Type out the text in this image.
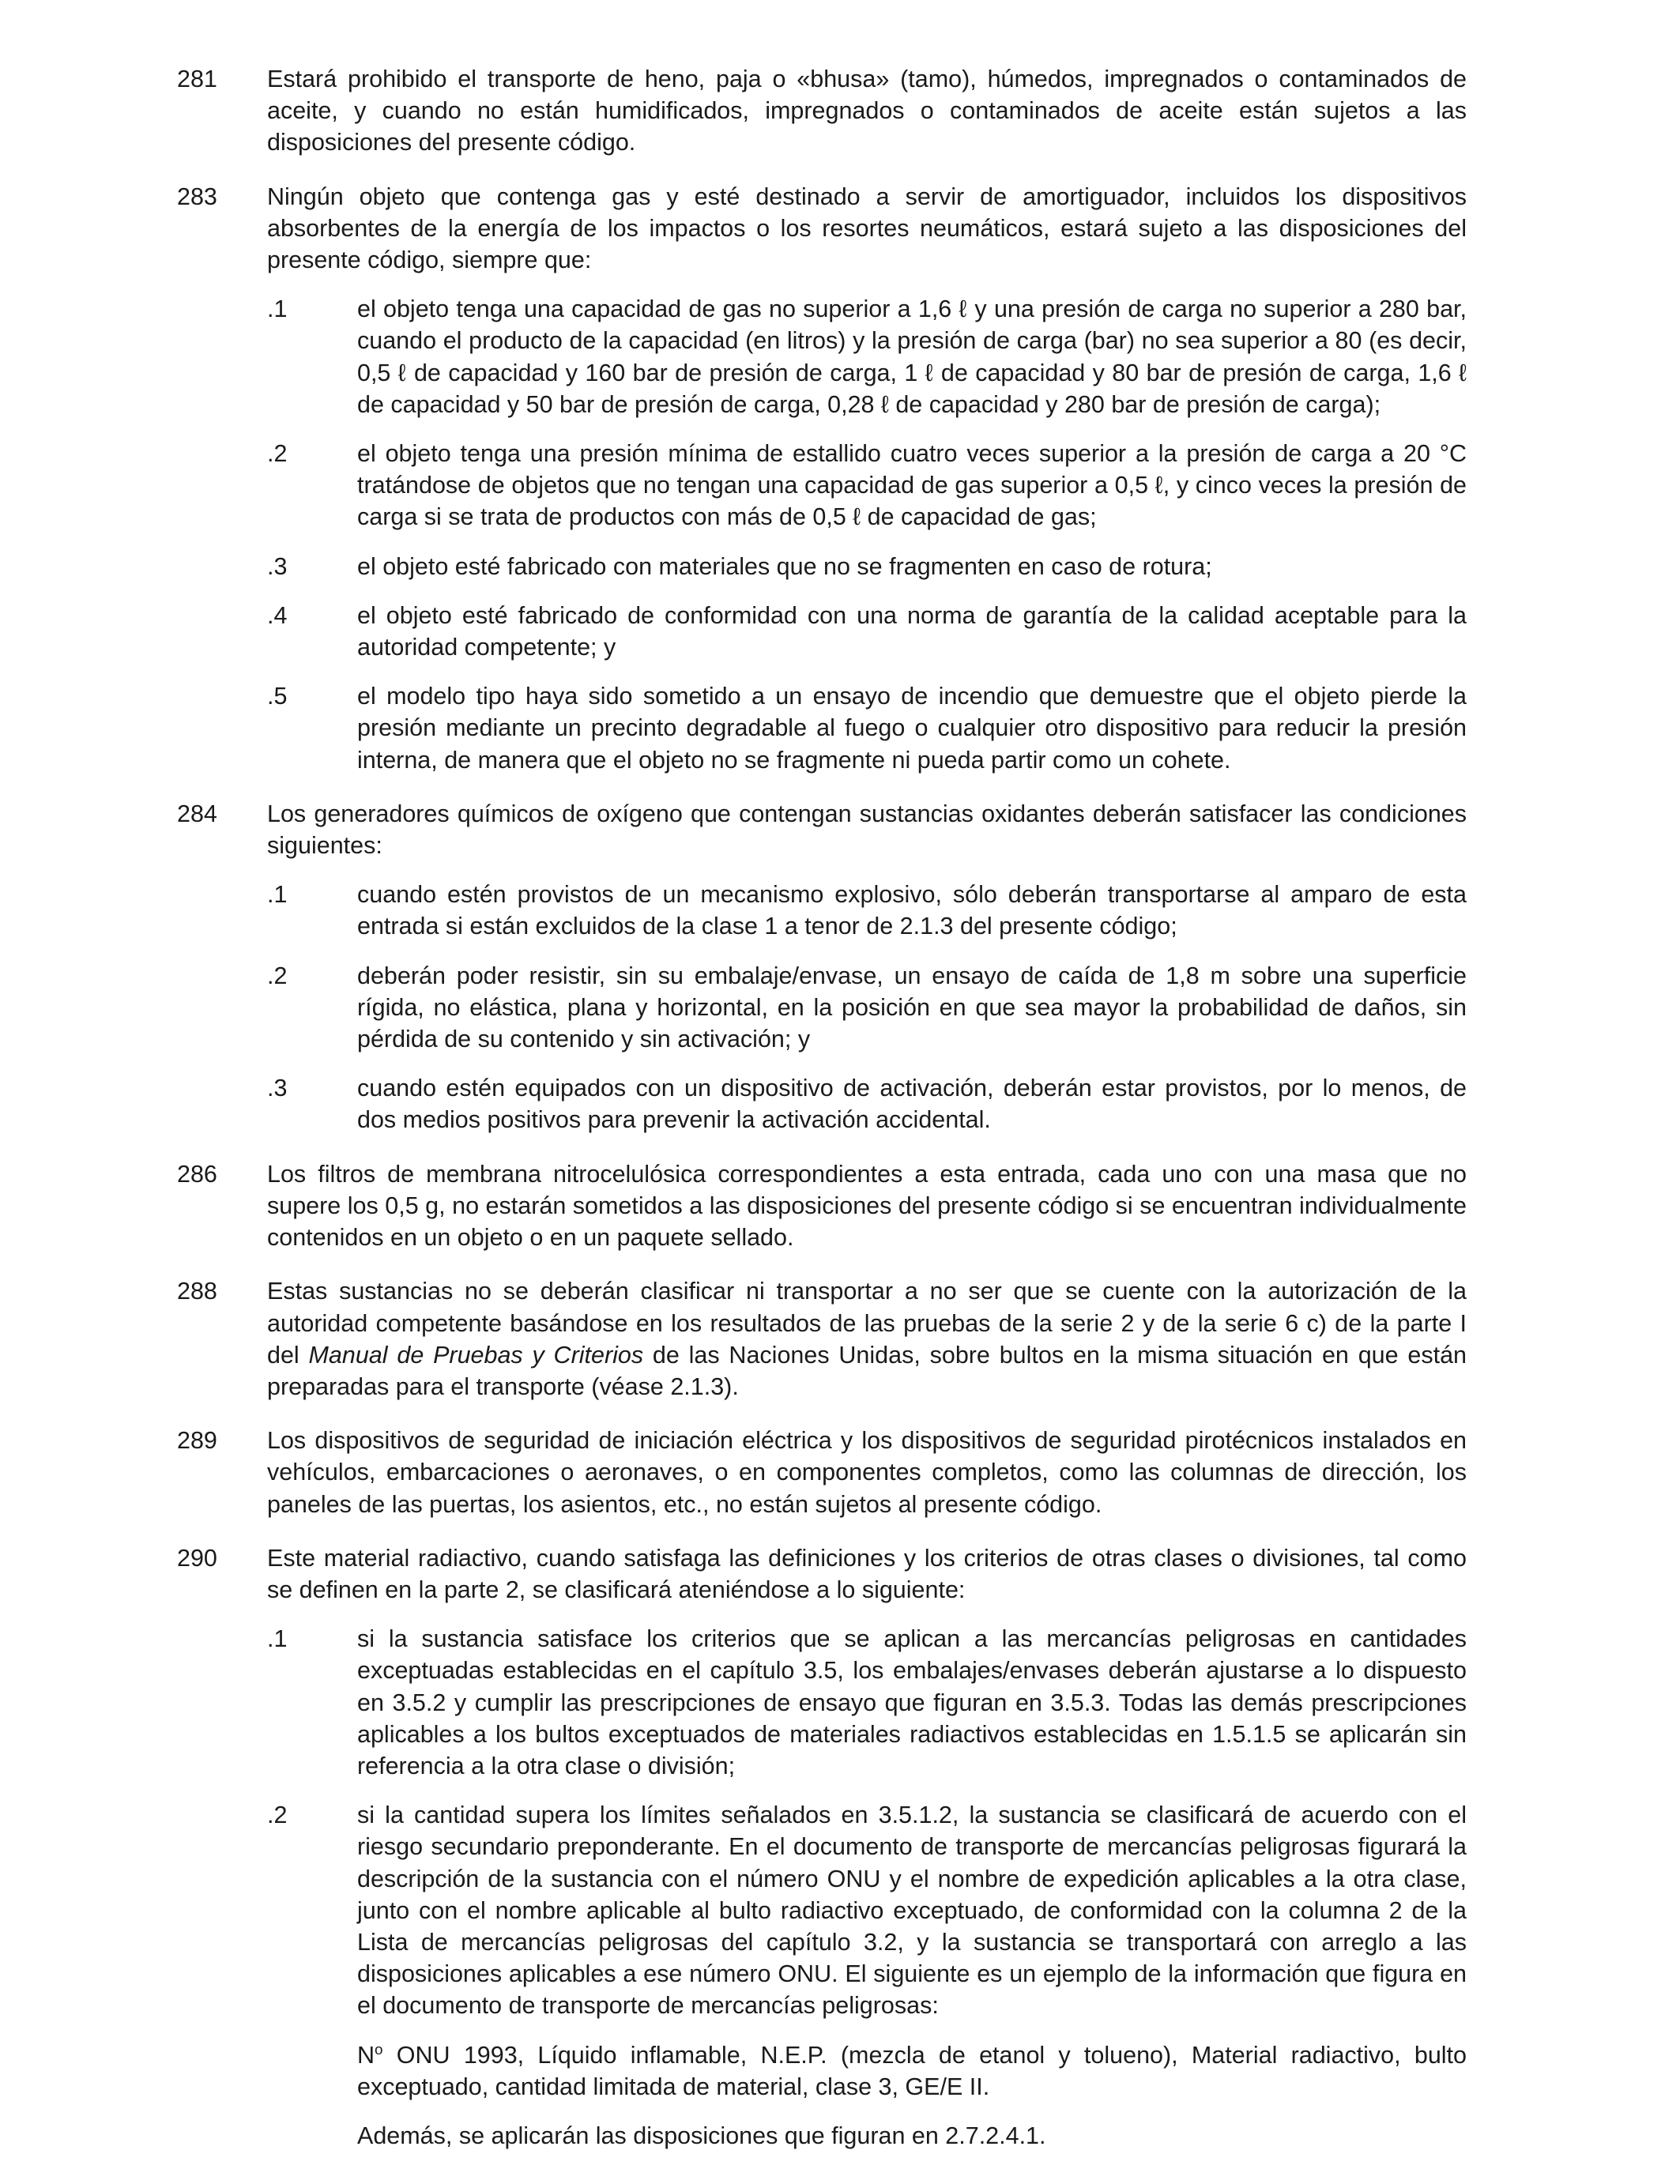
281 Estará prohibido el transporte de heno, paja o «bhusa» (tamo), húmedos, impregnados o contaminados de aceite, y cuando no están humidificados, impregnados o contaminados de aceite están sujetos a las disposiciones del presente código.

283 Ningún objeto que contenga gas y esté destinado a servir de amortiguador, incluidos los dispositivos absorbentes de la energía de los impactos o los resortes neumáticos, estará sujeto a las disposiciones del presente código, siempre que:

.1	el objeto tenga una capacidad de gas no superior a 1,6 ℓ y una presión de carga no superior a 280 bar, cuando el producto de la capacidad (en litros) y la presión de carga (bar) no sea superior a 80 (es decir, 0,5 ℓ de capacidad y 160 bar de presión de carga, 1 ℓ de capacidad y 80 bar de presión de carga, 1,6 ℓ de capacidad y 50 bar de presión de carga, 0,28 ℓ de capacidad y 280 bar de presión de carga);

.2	el objeto tenga una presión mínima de estallido cuatro veces superior a la presión de carga a 20 °C tratándose de objetos que no tengan una capacidad de gas superior a 0,5 ℓ, y cinco veces la presión de carga si se trata de productos con más de 0,5 ℓ de capacidad de gas;

.3	el objeto esté fabricado con materiales que no se fragmenten en caso de rotura;

.4	el objeto esté fabricado de conformidad con una norma de garantía de la calidad aceptable para la autoridad competente; y

.5	el modelo tipo haya sido sometido a un ensayo de incendio que demuestre que el objeto pierde la presión mediante un precinto degradable al fuego o cualquier otro dispositivo para reducir la presión interna, de manera que el objeto no se fragmente ni pueda partir como un cohete.

284 Los generadores químicos de oxígeno que contengan sustancias oxidantes deberán satisfacer las condiciones siguientes:

.1	cuando estén provistos de un mecanismo explosivo, sólo deberán transportarse al amparo de esta entrada si están excluidos de la clase 1 a tenor de 2.1.3 del presente código;

.2	deberán poder resistir, sin su embalaje/envase, un ensayo de caída de 1,8 m sobre una superficie rígida, no elástica, plana y horizontal, en la posición en que sea mayor la probabilidad de daños, sin pérdida de su contenido y sin activación; y

.3	cuando estén equipados con un dispositivo de activación, deberán estar provistos, por lo menos, de dos medios positivos para prevenir la activación accidental.

286 Los filtros de membrana nitrocelulósica correspondientes a esta entrada, cada uno con una masa que no supere los 0,5 g, no estarán sometidos a las disposiciones del presente código si se encuentran individualmente contenidos en un objeto o en un paquete sellado.

288 Estas sustancias no se deberán clasificar ni transportar a no ser que se cuente con la autorización de la autoridad competente basándose en los resultados de las pruebas de la serie 2 y de la serie 6 c) de la parte I del Manual de Pruebas y Criterios de las Naciones Unidas, sobre bultos en la misma situación en que están preparadas para el transporte (véase 2.1.3).

289 Los dispositivos de seguridad de iniciación eléctrica y los dispositivos de seguridad pirotécnicos instalados en vehículos, embarcaciones o aeronaves, o en componentes completos, como las columnas de dirección, los paneles de las puertas, los asientos, etc., no están sujetos al presente código.

290 Este material radiactivo, cuando satisfaga las definiciones y los criterios de otras clases o divisiones, tal como se definen en la parte 2, se clasificará ateniéndose a lo siguiente:

.1	si la sustancia satisface los criterios que se aplican a las mercancías peligrosas en cantidades exceptuadas establecidas en el capítulo 3.5, los embalajes/envases deberán ajustarse a lo dispuesto en 3.5.2 y cumplir las prescripciones de ensayo que figuran en 3.5.3. Todas las demás prescripciones aplicables a los bultos exceptuados de materiales radiactivos establecidas en 1.5.1.5 se aplicarán sin referencia a la otra clase o división;

.2	si la cantidad supera los límites señalados en 3.5.1.2, la sustancia se clasificará de acuerdo con el riesgo secundario preponderante. En el documento de transporte de mercancías peligrosas figurará la descripción de la sustancia con el número ONU y el nombre de expedición aplicables a la otra clase, junto con el nombre aplicable al bulto radiactivo exceptuado, de conformidad con la columna 2 de la Lista de mercancías peligrosas del capítulo 3.2, y la sustancia se transportará con arreglo a las disposiciones aplicables a ese número ONU. El siguiente es un ejemplo de la información que figura en el documento de transporte de mercancías peligrosas:

$N^o$ ONU 1993, Líquido inflamable, N.E.P. (mezcla de etanol y tolueno), Material radiactivo, bulto exceptuado, cantidad limitada de material, clase 3, GE/E II.

Además, se aplicarán las disposiciones que figuran en 2.7.2.4.1.
